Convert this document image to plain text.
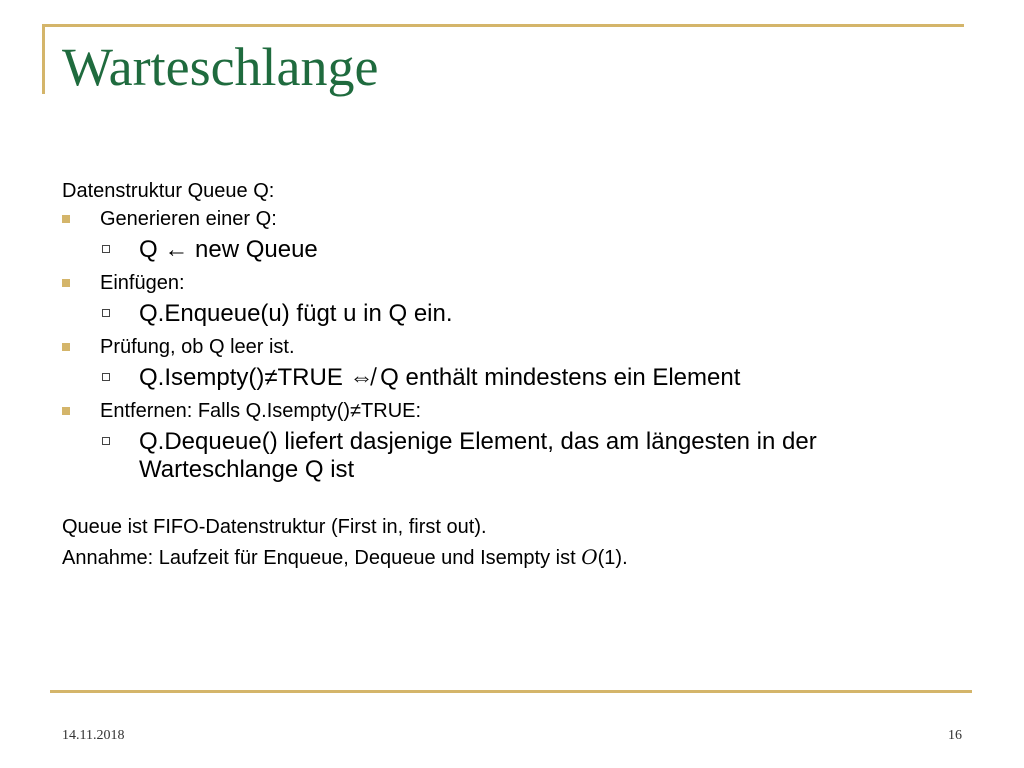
Warteschlange

Datenstruktur Queue Q:

Generieren einer Q:
Q ← new Queue
Einfügen:
Q.Enqueue(u) fügt u in Q ein.
Prüfung, ob Q leer ist.
Q.Isempty()≠TRUE ⇎ Q enthält mindestens ein Element
Entfernen: Falls Q.Isempty()≠TRUE:
Q.Dequeue() liefert dasjenige Element, das am längesten in der Warteschlange Q ist
Queue ist FIFO-Datenstruktur (First in, first out).
Annahme: Laufzeit für Enqueue, Dequeue und Isempty ist O(1).
14.11.2018	16
